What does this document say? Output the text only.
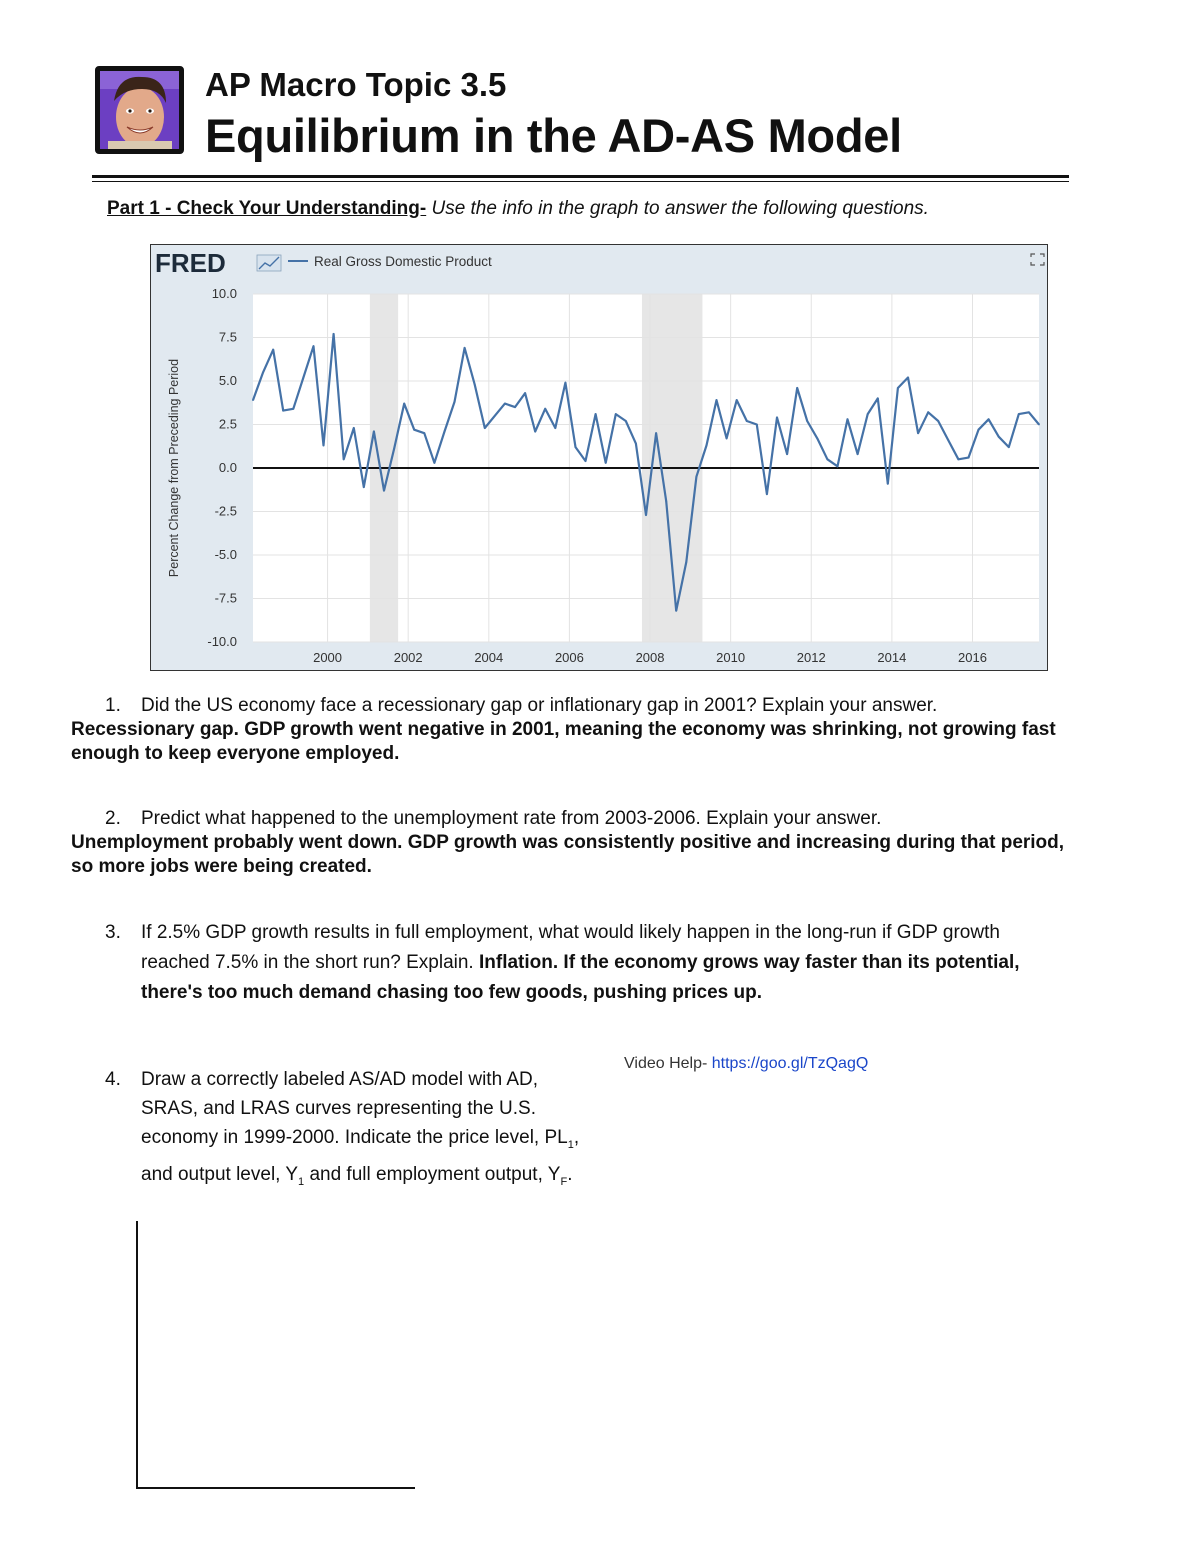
AP Macro Topic 3.5
Equilibrium in the AD-AS Model
Part 1 - Check Your Understanding- Use the info in the graph to answer the following questions.
FRED	Real Gross Domestic Product
10.0
7.5
5.0
2.5
0.0
-2.5
-5.0
-7.5
-10.0
2000	2002	2004	2006	2008	2010	2012	2014	2016
Percent Change from Preceding Period
1. Did the US economy face a recessionary gap or inflationary gap in 2001? Explain your answer.
Recessionary gap. GDP growth went negative in 2001, meaning the economy was shrinking, not growing fast enough to keep everyone employed.
2. Predict what happened to the unemployment rate from 2003-2006. Explain your answer.
Unemployment probably went down. GDP growth was consistently positive and increasing during that period, so more jobs were being created.
3. If 2.5% GDP growth results in full employment, what would likely happen in the long-run if GDP growth reached 7.5% in the short run? Explain. Inflation. If the economy grows way faster than its potential, there's too much demand chasing too few goods, pushing prices up.
4. Draw a correctly labeled AS/AD model with AD, SRAS, and LRAS curves representing the U.S. economy in 1999-2000. Indicate the price level, $PL_1$, and output level, $Y_1$ and full employment output, $Y_F$.
Video Help- https://goo.gl/TzQagQ
